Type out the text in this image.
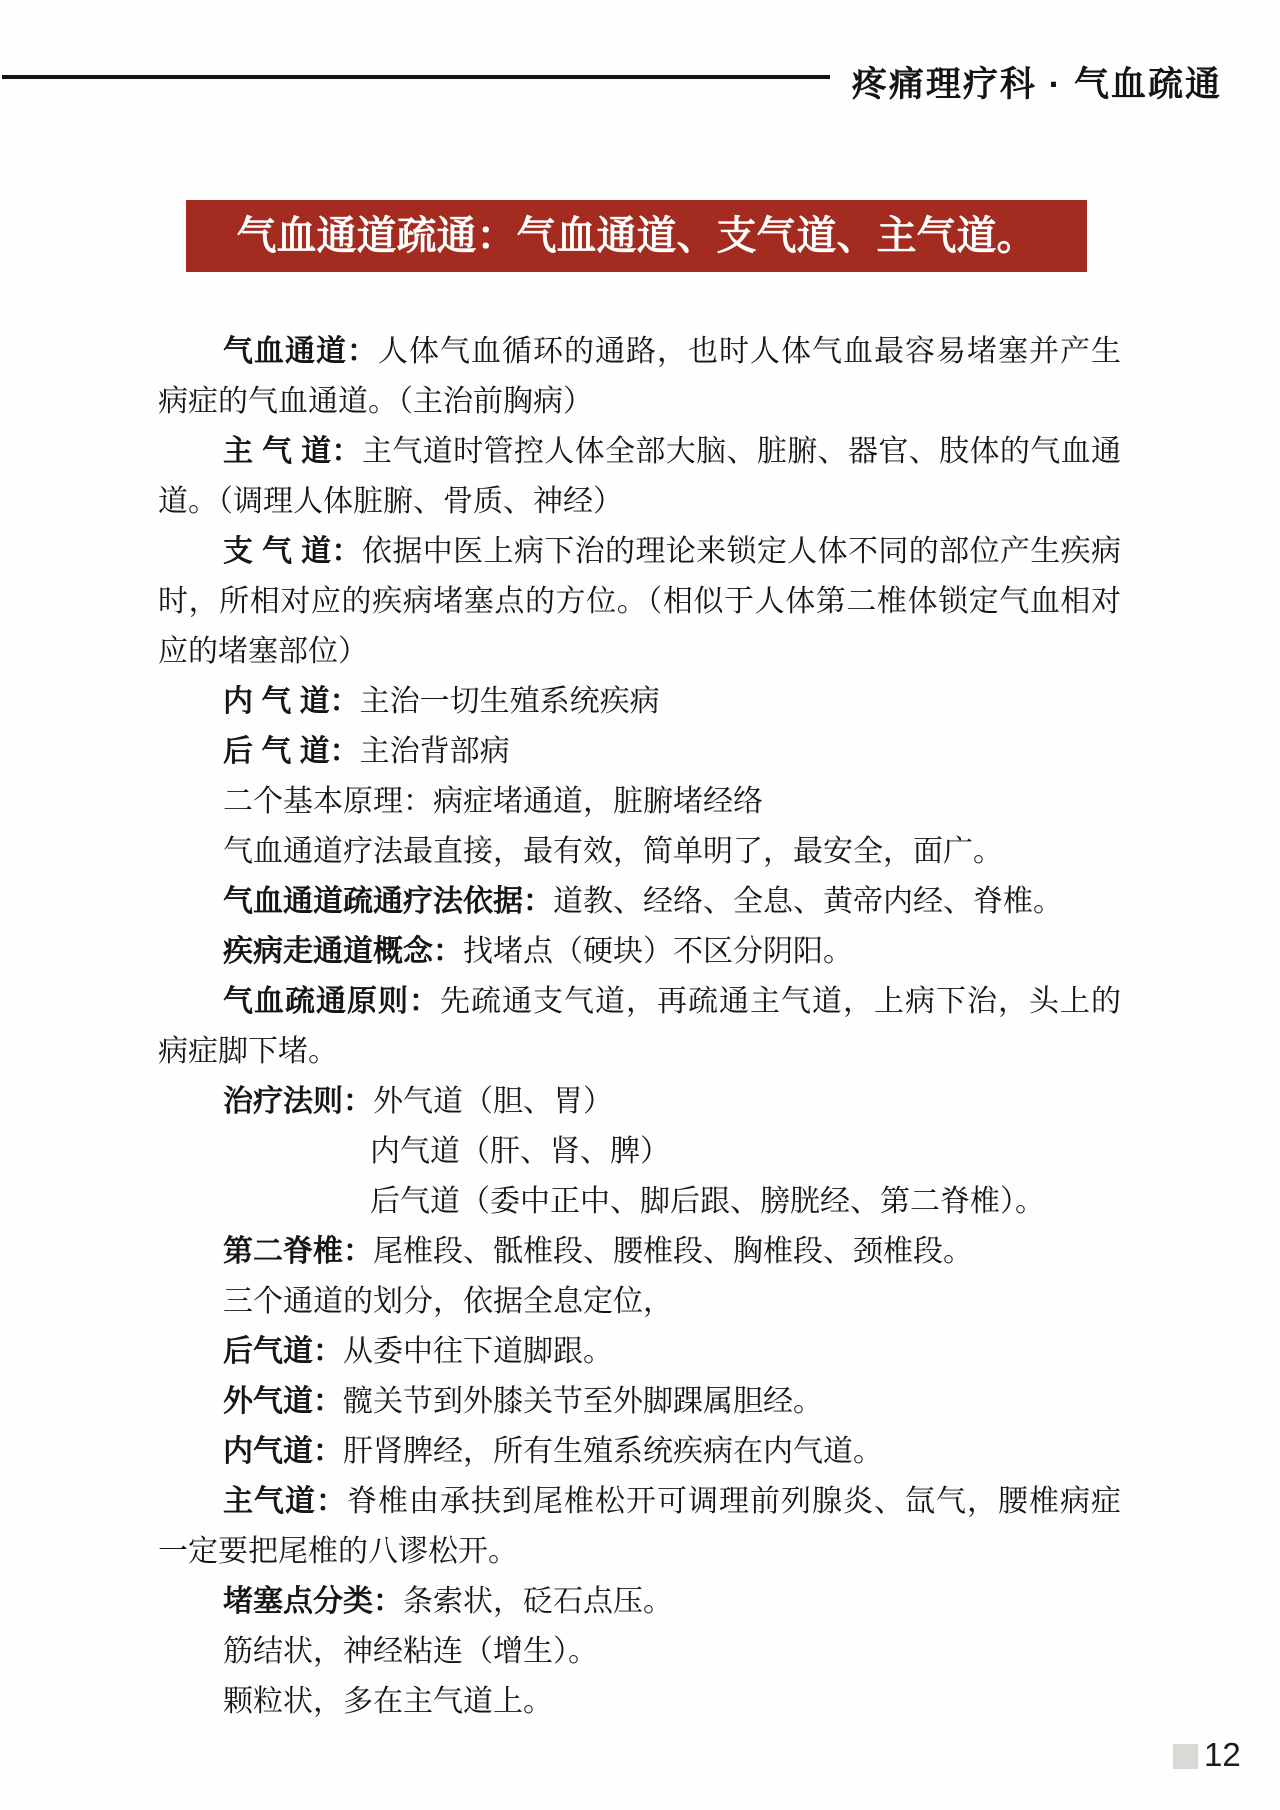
疼痛理疗科 · 气血疏通
气血通道疏通：气血通道、支气道、主气道。

气血通道：人体气血循环的通路，也时人体气血最容易堵塞并产生病症的气血通道。（主治前胸病）

主 气 道：主气道时管控人体全部大脑、脏腑、器官、肢体的气血通道。（调理人体脏腑、骨质、神经）

支 气 道：依据中医上病下治的理论来锁定人体不同的部位产生疾病时，所相对应的疾病堵塞点的方位。（相似于人体第二椎体锁定气血相对应的堵塞部位）

内 气 道：主治一切生殖系统疾病

后 气 道：主治背部病

二个基本原理：病症堵通道，脏腑堵经络

气血通道疗法最直接，最有效，简单明了，最安全，面广。

气血通道疏通疗法依据：道教、经络、全息、黄帝内经、脊椎。

疾病走通道概念：找堵点（硬块）不区分阴阳。

气血疏通原则：先疏通支气道，再疏通主气道，上病下治，头上的病症脚下堵。

治疗法则：外气道（胆、胃）

内气道（肝、肾、脾）

后气道（委中正中、脚后跟、膀胱经、第二脊椎）。

第二脊椎：尾椎段、骶椎段、腰椎段、胸椎段、颈椎段。

三个通道的划分，依据全息定位，

后气道：从委中往下道脚跟。

外气道：髋关节到外膝关节至外脚踝属胆经。

内气道：肝肾脾经，所有生殖系统疾病在内气道。

主气道：脊椎由承扶到尾椎松开可调理前列腺炎、氙气，腰椎病症一定要把尾椎的八谬松开。

堵塞点分类：条索状，砭石点压。

筋结状，神经粘连（增生）。

颗粒状，多在主气道上。

12
